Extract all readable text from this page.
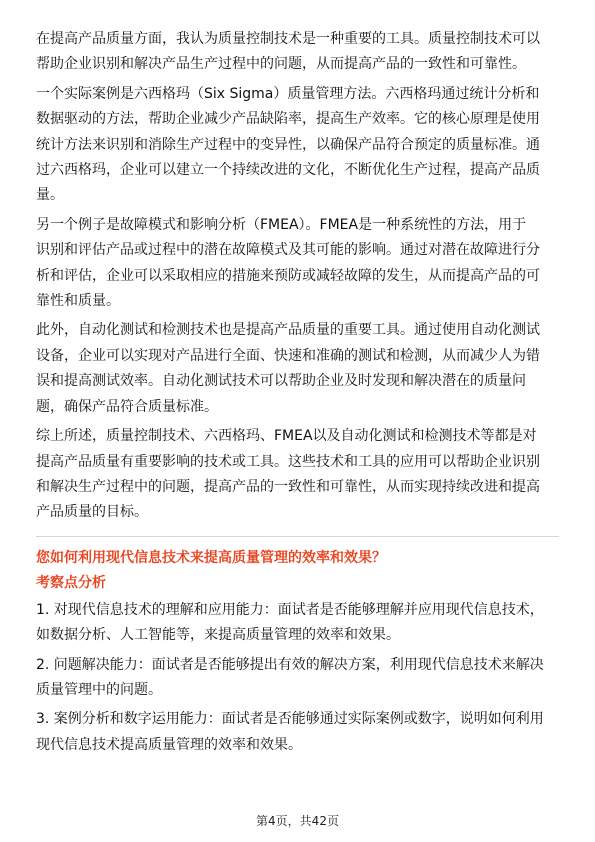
在提高产品质量方面，我认为质量控制技术是一种重要的工具。质量控制技术可以
帮助企业识别和解决产品生产过程中的问题，从而提高产品的一致性和可靠性。
一个实际案例是六西格玛（Six Sigma）质量管理方法。六西格玛通过统计分析和
数据驱动的方法，帮助企业减少产品缺陷率，提高生产效率。它的核心原理是使用
统计方法来识别和消除生产过程中的变异性，以确保产品符合预定的质量标准。通
过六西格玛，企业可以建立一个持续改进的文化，不断优化生产过程，提高产品质
量。
另一个例子是故障模式和影响分析（FMEA）。FMEA是一种系统性的方法，用于
识别和评估产品或过程中的潜在故障模式及其可能的影响。通过对潜在故障进行分
析和评估，企业可以采取相应的措施来预防或减轻故障的发生，从而提高产品的可
靠性和质量。
此外，自动化测试和检测技术也是提高产品质量的重要工具。通过使用自动化测试
设备，企业可以实现对产品进行全面、快速和准确的测试和检测，从而减少人为错
误和提高测试效率。自动化测试技术可以帮助企业及时发现和解决潜在的质量问
题，确保产品符合质量标准。
综上所述，质量控制技术、六西格玛、FMEA以及自动化测试和检测技术等都是对
提高产品质量有重要影响的技术或工具。这些技术和工具的应用可以帮助企业识别
和解决生产过程中的问题，提高产品的一致性和可靠性，从而实现持续改进和提高
产品质量的目标。

您如何利用现代信息技术来提高质量管理的效率和效果？

考察点分析

1. 对现代信息技术的理解和应用能力：面试者是否能够理解并应用现代信息技术，
如数据分析、人工智能等，来提高质量管理的效率和效果。
2. 问题解决能力：面试者是否能够提出有效的解决方案，利用现代信息技术来解决
质量管理中的问题。
3. 案例分析和数字运用能力：面试者是否能够通过实际案例或数字，说明如何利用
现代信息技术提高质量管理的效率和效果。
第4页，共42页
